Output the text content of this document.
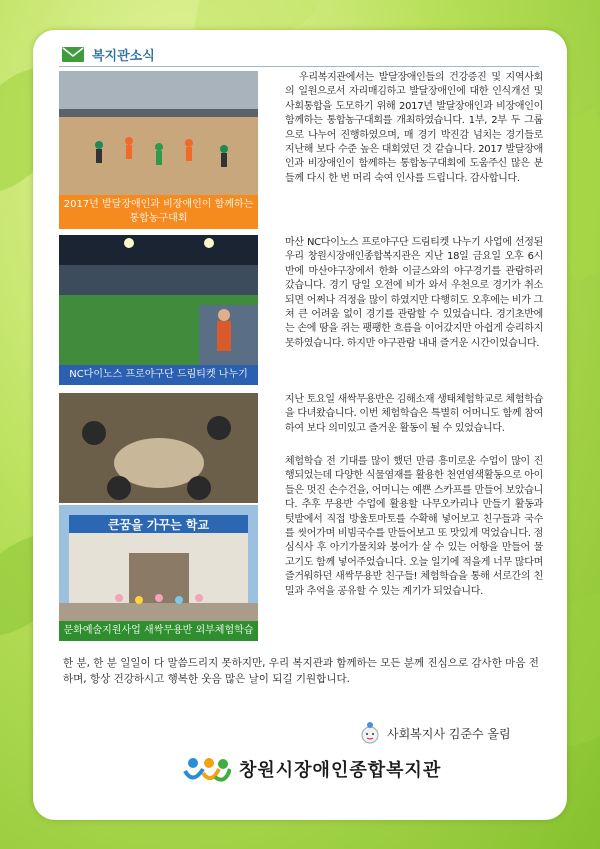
복지관소식
2017년 발달장애인과 비장애인이 함께하는 통합농구대회
NC다이노스 프로야구단 드림티켓 나누기
큰꿈을 가꾸는 학교
문화예술지원사업 새싹무용반 외부체험학습

우리복지관에서는 발달장애인들의 건강증진 및 지역사회의 일원으로서 자리매김하고 발달장애인에 대한 인식개선 및 사회통합을 도모하기 위해 2017년 발달장애인과 비장애인이 함께하는 통합농구대회를 개최하였습니다. 1부, 2부 두 그룹으로 나누어 진행하였으며, 매 경기 박진감 넘치는 경기들로 지난해 보다 수준 높은 대회였던 것 같습니다. 2017 발달장애인과 비장애인이 함께하는 통합농구대회에 도움주신 많은 분들께 다시 한 번 머리 숙여 인사를 드립니다. 감사합니다.

마산 NC다이노스 프로야구단 드림티켓 나누기 사업에 선정된 우리 창원시장애인종합복지관은 지난 18일 금요일 오후 6시반에 마산야구장에서 한화 이글스와의 야구경기를 관람하러 갔습니다. 경기 당일 오전에 비가 와서 우천으로 경기가 취소되면 어쩌나 걱정을 많이 하였지만 다행히도 오후에는 비가 그쳐 큰 어려움 없이 경기를 관람할 수 있었습니다. 경기초반에는 손에 땀을 쥐는 팽팽한 흐름을 이어갔지만 아쉽게 승리하지 못하였습니다. 하지만 야구관람 내내 즐거운 시간이었습니다.

지난 토요일 새싹무용반은 김해소재 생태체험학교로 체험학습을 다녀왔습니다. 이번 체험학습은 특별히 어머니도 함께 참여하여 보다 의미있고 즐거운 활동이 될 수 있었습니다.

체험학습 전 기대를 많이 했던 만큼 흥미로운 수업이 많이 진행되었는데 다양한 식물염재를 활용한 천연염색활동으로 아이들은 멋진 손수건을, 어머니는 예쁜 스카프를 만들어 보았습니다. 추후 무용반 수업에 활용할 나무오카리나 만들기 활동과 텃밭에서 직접 방울토마토를 수확해 넣어보고 친구들과 국수를 씻어가며 비빔국수를 만들어보고 또 맛있게 먹었습니다. 점심식사 후 아기가물치와 붕어가 살 수 있는 어항을 만들어 물고기도 함께 넣어주었습니다. 오늘 일기에 적을게 너무 많다며 즐거워하던 새싹무용반 친구들! 체험학습을 통해 서로간의 친밀과 추억을 공유할 수 있는 계기가 되었습니다.

한 분, 한 분 일일이 다 말씀드리지 못하지만, 우리 복지관과 함께하는 모든 분께 진심으로 감사한 마음 전하며, 항상 건강하시고 행복한 웃음 많은 날이 되길 기원합니다.

사회복지사 김준수 올림
창원시장애인종합복지관
